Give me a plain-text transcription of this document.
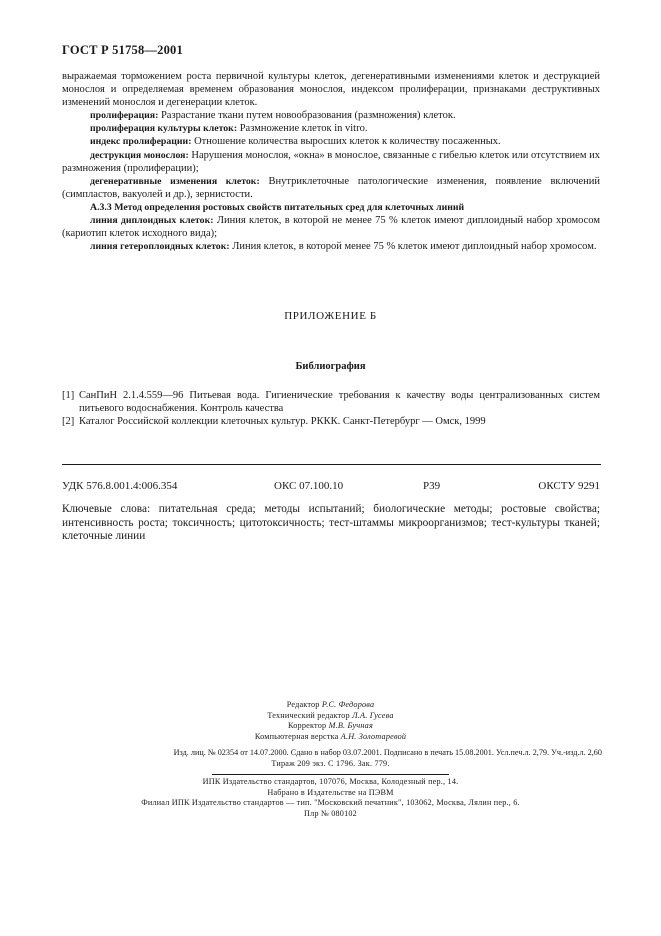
ГОСТ Р 51758—2001

выражаемая торможением роста первичной культуры клеток, дегенеративными изменениями клеток и деструкцией монослоя и определяемая временем образования монослоя, индексом пролиферации, признаками деструктивных изменений монослоя и дегенерации клеток.

пролиферация: Разрастание ткани путем новообразования (размножения) клеток.

пролиферация культуры клеток: Размножение клеток in vitro.

индекс пролиферации: Отношение количества выросших клеток к количеству посаженных.

деструкция монослоя: Нарушения монослоя, «окна» в монослое, связанные с гибелью клеток или отсутствием их размножения (пролиферации);

дегенеративные изменения клеток: Внутриклеточные патологические изменения, появление включений (симпластов, вакуолей и др.), зернистости.

А.3.3 Метод определения ростовых свойств питательных сред для клеточных линий

линия диплоидных клеток: Линия клеток, в которой не менее 75 % клеток имеют диплоидный набор хромосом (кариотип клеток исходного вида);

линия гетероплоидных клеток: Линия клеток, в которой менее 75 % клеток имеют диплоидный набор хромосом.

ПРИЛОЖЕНИЕ Б
Библиография
[1] СанПиН 2.1.4.559—96 Питьевая вода. Гигиенические требования к качеству воды централизованных систем питьевого водоснабжения. Контроль качества
[2] Каталог Российской коллекции клеточных культур. РККК. Санкт-Петербург — Омск, 1999
УДК 576.8.001.4:006.354	ОКС 07.100.10	Р39	ОКСТУ 9291
Ключевые слова: питательная среда; методы испытаний; биологические методы; ростовые свойства; интенсивность роста; токсичность; цитотоксичность; тест-штаммы микроорганизмов; тест-культуры тканей; клеточные линии
Редактор Р.С. Федорова
Технический редактор Л.А. Гусева
Корректор М.В. Бучная
Компьютерная верстка А.Н. Золотаревой
Изд. лиц. № 02354 от 14.07.2000. Сдано в набор 03.07.2001. Подписано в печать 15.08.2001. Усл.печ.л. 2,79. Уч.-изд.л. 2,60
Тираж 209 экз. С 1796. Зак. 779.
ИПК Издательство стандартов, 107076, Москва, Колодезный пер., 14.
Набрано в Издательстве на ПЭВМ
Филиал ИПК Издательство стандартов — тип. "Московский печатник", 103062, Москва, Лялин пер., 6.
Плр № 080102
